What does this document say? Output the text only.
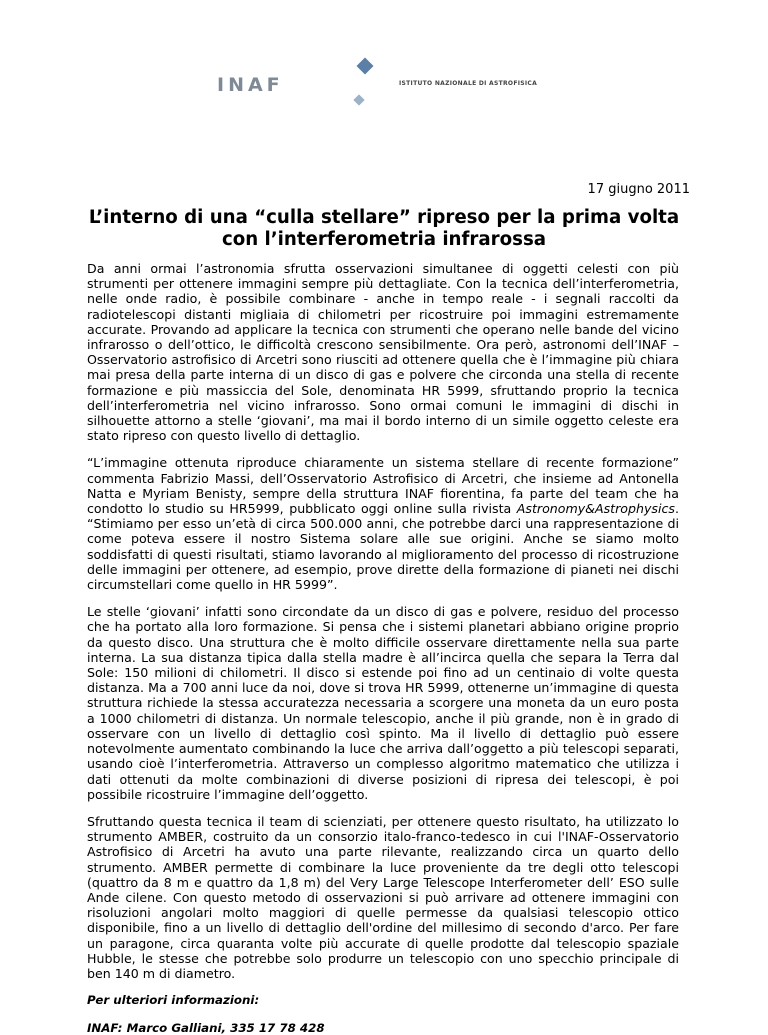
INAF	ISTITUTO NAZIONALE DI ASTROFISICA
17 giugno 2011
L’interno di una “culla stellare” ripreso per la prima volta
con l’interferometria infrarossa

Da anni ormai l’astronomia sfrutta osservazioni simultanee di oggetti celesti con più strumenti per ottenere immagini sempre più dettagliate. Con la tecnica dell’interferometria, nelle onde radio, è possibile combinare - anche in tempo reale - i segnali raccolti da radiotelescopi distanti migliaia di chilometri per ricostruire poi immagini estremamente accurate. Provando ad applicare la tecnica con strumenti che operano nelle bande del vicino infrarosso o dell’ottico, le difficoltà crescono sensibilmente. Ora però, astronomi dell’INAF – Osservatorio astrofisico di Arcetri sono riusciti ad ottenere quella che è l’immagine più chiara mai presa della parte interna di un disco di gas e polvere che circonda una stella di recente formazione e più massiccia del Sole, denominata HR 5999, sfruttando proprio la tecnica dell’interferometria nel vicino infrarosso. Sono ormai comuni le immagini di dischi in silhouette attorno a stelle ‘giovani’, ma mai il bordo interno di un simile oggetto celeste era stato ripreso con questo livello di dettaglio.

“L’immagine ottenuta riproduce chiaramente un sistema stellare di recente formazione” commenta Fabrizio Massi, dell’Osservatorio Astrofisico di Arcetri, che insieme ad Antonella Natta e Myriam Benisty, sempre della struttura INAF fiorentina, fa parte del team che ha condotto lo studio su HR5999, pubblicato oggi online sulla rivista Astronomy&Astrophysics. “Stimiamo per esso un’età di circa 500.000 anni, che potrebbe darci una rappresentazione di come poteva essere il nostro Sistema solare alle sue origini. Anche se siamo molto soddisfatti di questi risultati, stiamo lavorando al miglioramento del processo di ricostruzione delle immagini per ottenere, ad esempio, prove dirette della formazione di pianeti nei dischi circumstellari come quello in HR 5999”.

Le stelle ‘giovani’ infatti sono circondate da un disco di gas e polvere, residuo del processo che ha portato alla loro formazione. Si pensa che i sistemi planetari abbiano origine proprio da questo disco. Una struttura che è molto difficile osservare direttamente nella sua parte interna. La sua distanza tipica dalla stella madre è all’incirca quella che separa la Terra dal Sole: 150 milioni di chilometri. Il disco si estende poi fino ad un centinaio di volte questa distanza. Ma a 700 anni luce da noi, dove si trova HR 5999, ottenerne un’immagine di questa struttura richiede la stessa accuratezza necessaria a scorgere una moneta da un euro posta a 1000 chilometri di distanza. Un normale telescopio, anche il più grande, non è in grado di osservare con un livello di dettaglio così spinto. Ma il livello di dettaglio può essere notevolmente aumentato combinando la luce che arriva dall’oggetto a più telescopi separati, usando cioè l’interferometria. Attraverso un complesso algoritmo matematico che utilizza i dati ottenuti da molte combinazioni di diverse posizioni di ripresa dei telescopi, è poi possibile ricostruire l’immagine dell’oggetto.

Sfruttando questa tecnica il team di scienziati, per ottenere questo risultato, ha utilizzato lo strumento AMBER, costruito da un consorzio italo-franco-tedesco in cui l'INAF-Osservatorio Astrofisico di Arcetri ha avuto una parte rilevante, realizzando circa un quarto dello strumento. AMBER permette di combinare la luce proveniente da tre degli otto telescopi (quattro da 8 m e quattro da 1,8 m) del Very Large Telescope Interferometer dell’ ESO sulle Ande cilene. Con questo metodo di osservazioni si può arrivare ad ottenere immagini con risoluzioni angolari molto maggiori di quelle permesse da qualsiasi telescopio ottico disponibile, fino a un livello di dettaglio dell'ordine del millesimo di secondo d'arco. Per fare un paragone, circa quaranta volte più accurate di quelle prodotte dal telescopio spaziale Hubble, le stesse che potrebbe solo produrre un telescopio con uno specchio principale di ben 140 m di diametro.

Per ulteriori informazioni:
INAF: Marco Galliani, 335 17 78 428
